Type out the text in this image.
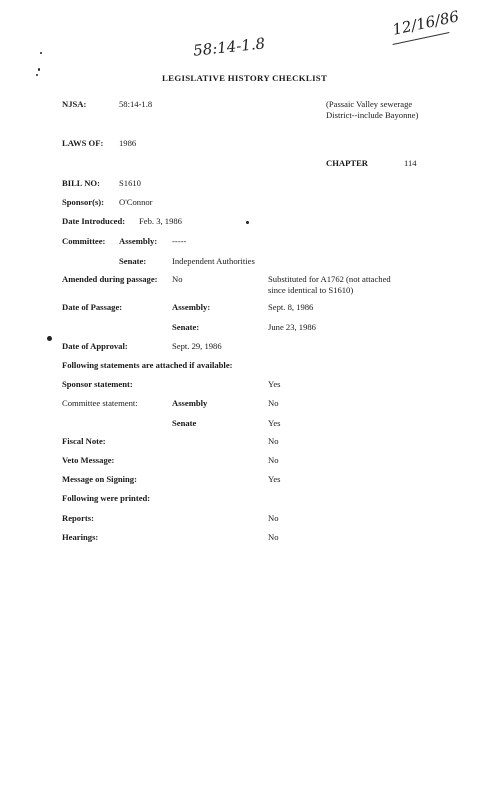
12/16/86
58:14-1.8
LEGISLATIVE HISTORY CHECKLIST
NJSA:	58:14-1.8	(Passaic Valley sewerage
District--include Bayonne)
LAWS OF: 1986
CHAPTER	114
BILL NO: S1610
Sponsor(s): O'Connor
Date Introduced: Feb. 3, 1986
Committee: Assembly: -----
Senate:	Independent Authorities
Amended during passage: No	Substituted for A1762 (not attached
since identical to S1610)
Date of Passage:	Assembly:	Sept. 8, 1986
Senate:	June 23, 1986
Date of Approval:	Sept. 29, 1986
Following statements are attached if available:
Sponsor statement:	Yes
Committee statement:	Assembly	No
Senate	Yes
Fiscal Note:	No
Veto Message:	No
Message on Signing:	Yes
Following were printed:
Reports:	No
Hearings:	No
